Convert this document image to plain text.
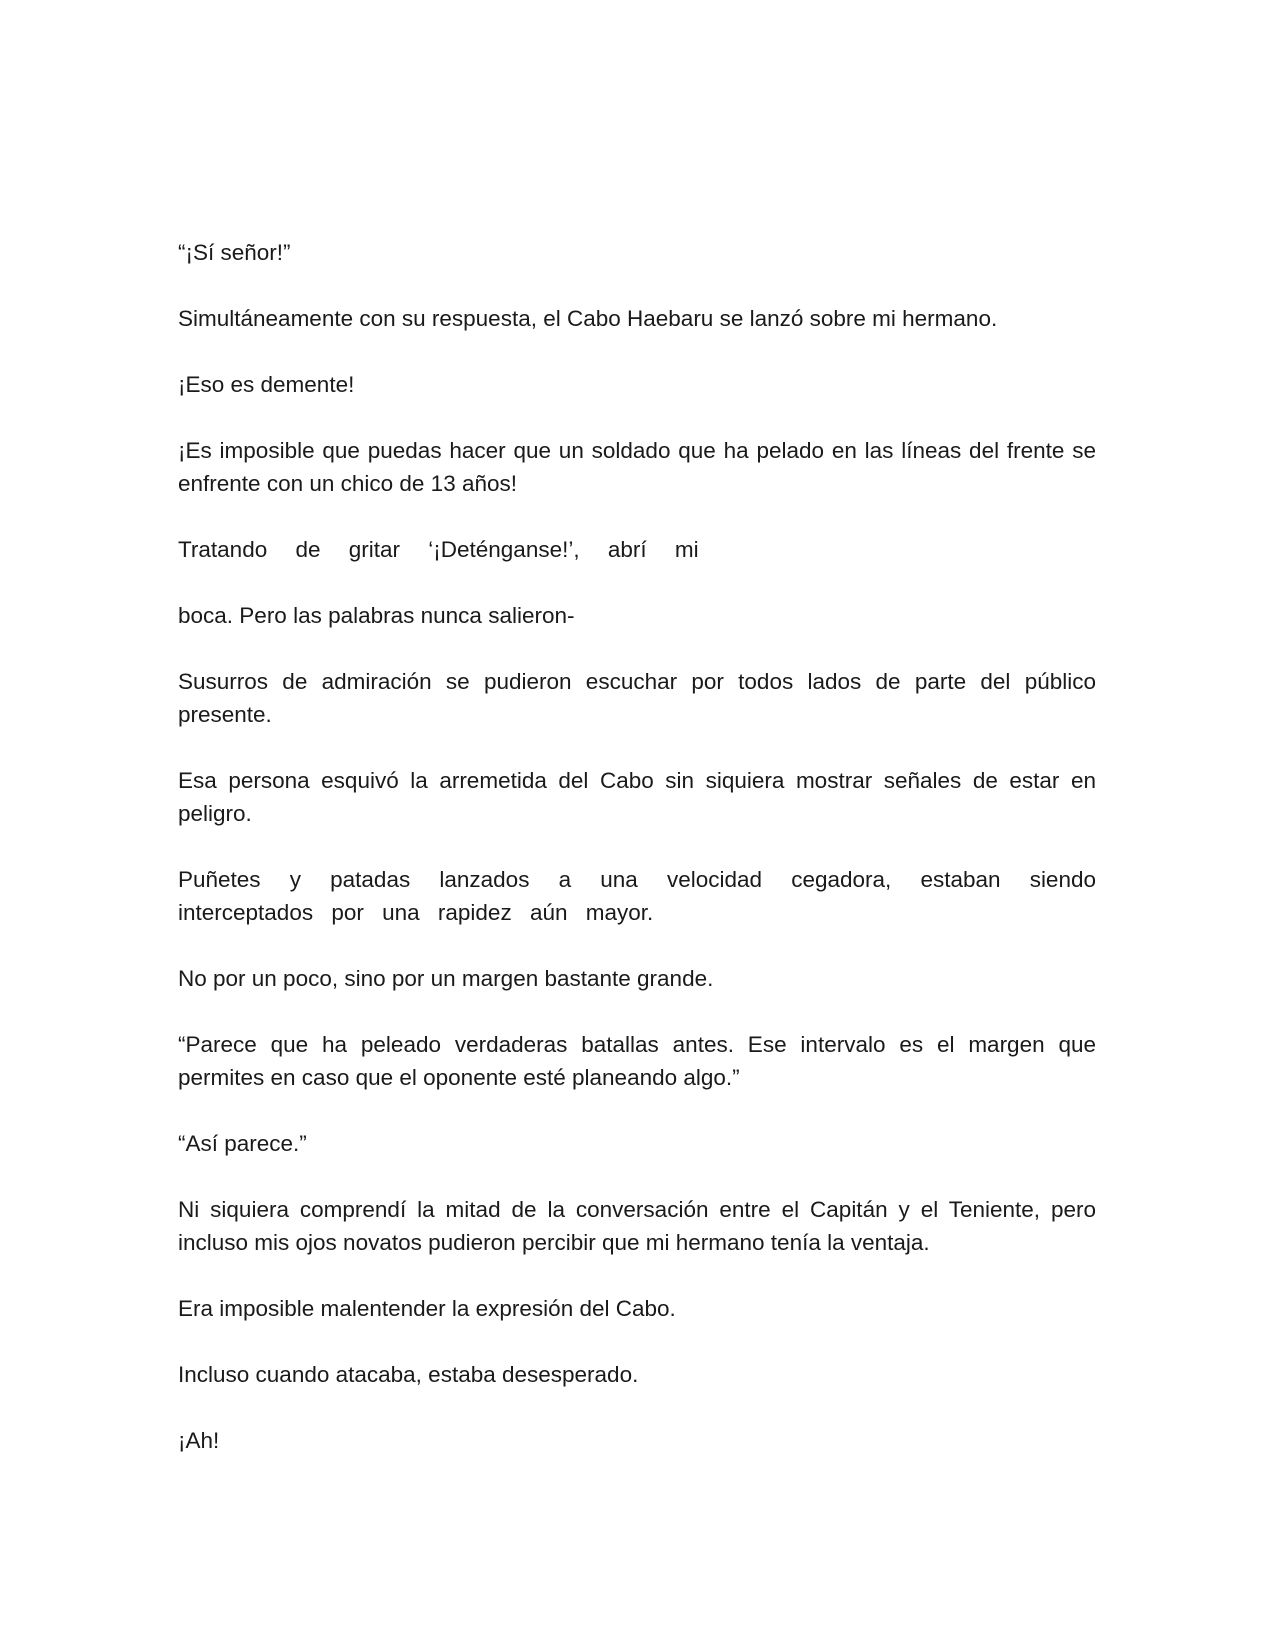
“¡Sí señor!”

Simultáneamente con su respuesta, el Cabo Haebaru se lanzó sobre mi hermano.

¡Eso es demente!

¡Es imposible que puedas hacer que un soldado que ha pelado en las líneas del frente se enfrente con un chico de 13 años!

Tratando de gritar ‘¡Deténganse!’, abrí mi

boca. Pero las palabras nunca salieron-

Susurros de admiración se pudieron escuchar por todos lados de parte del público presente.

Esa persona esquivó la arremetida del Cabo sin siquiera mostrar señales de estar en peligro.

Puñetes y patadas lanzados a una velocidad cegadora, estaban siendo interceptados por una rapidez aún mayor.

No por un poco, sino por un margen bastante grande.

“Parece que ha peleado verdaderas batallas antes. Ese intervalo es el margen que permites en caso que el oponente esté planeando algo.”

“Así parece.”

Ni siquiera comprendí la mitad de la conversación entre el Capitán y el Teniente, pero incluso mis ojos novatos pudieron percibir que mi hermano tenía la ventaja.

Era imposible malentender la expresión del Cabo.

Incluso cuando atacaba, estaba desesperado.

¡Ah!
